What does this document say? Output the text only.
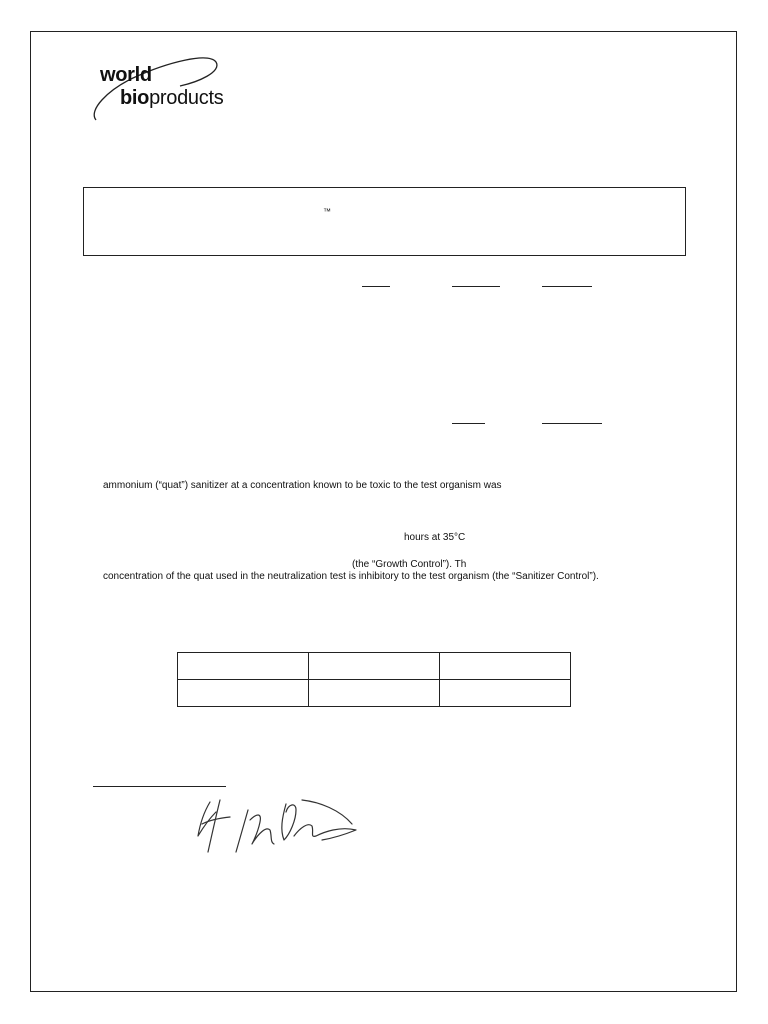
world
bioproducts
™
ammonium (“quat”) sanitizer at a concentration known to be toxic to the test organism was
hours at 35°C
(the “Growth Control”). Th
concentration of the quat used in the neutralization test is inhibitory to the test organism (the “Sanitizer Control”).
